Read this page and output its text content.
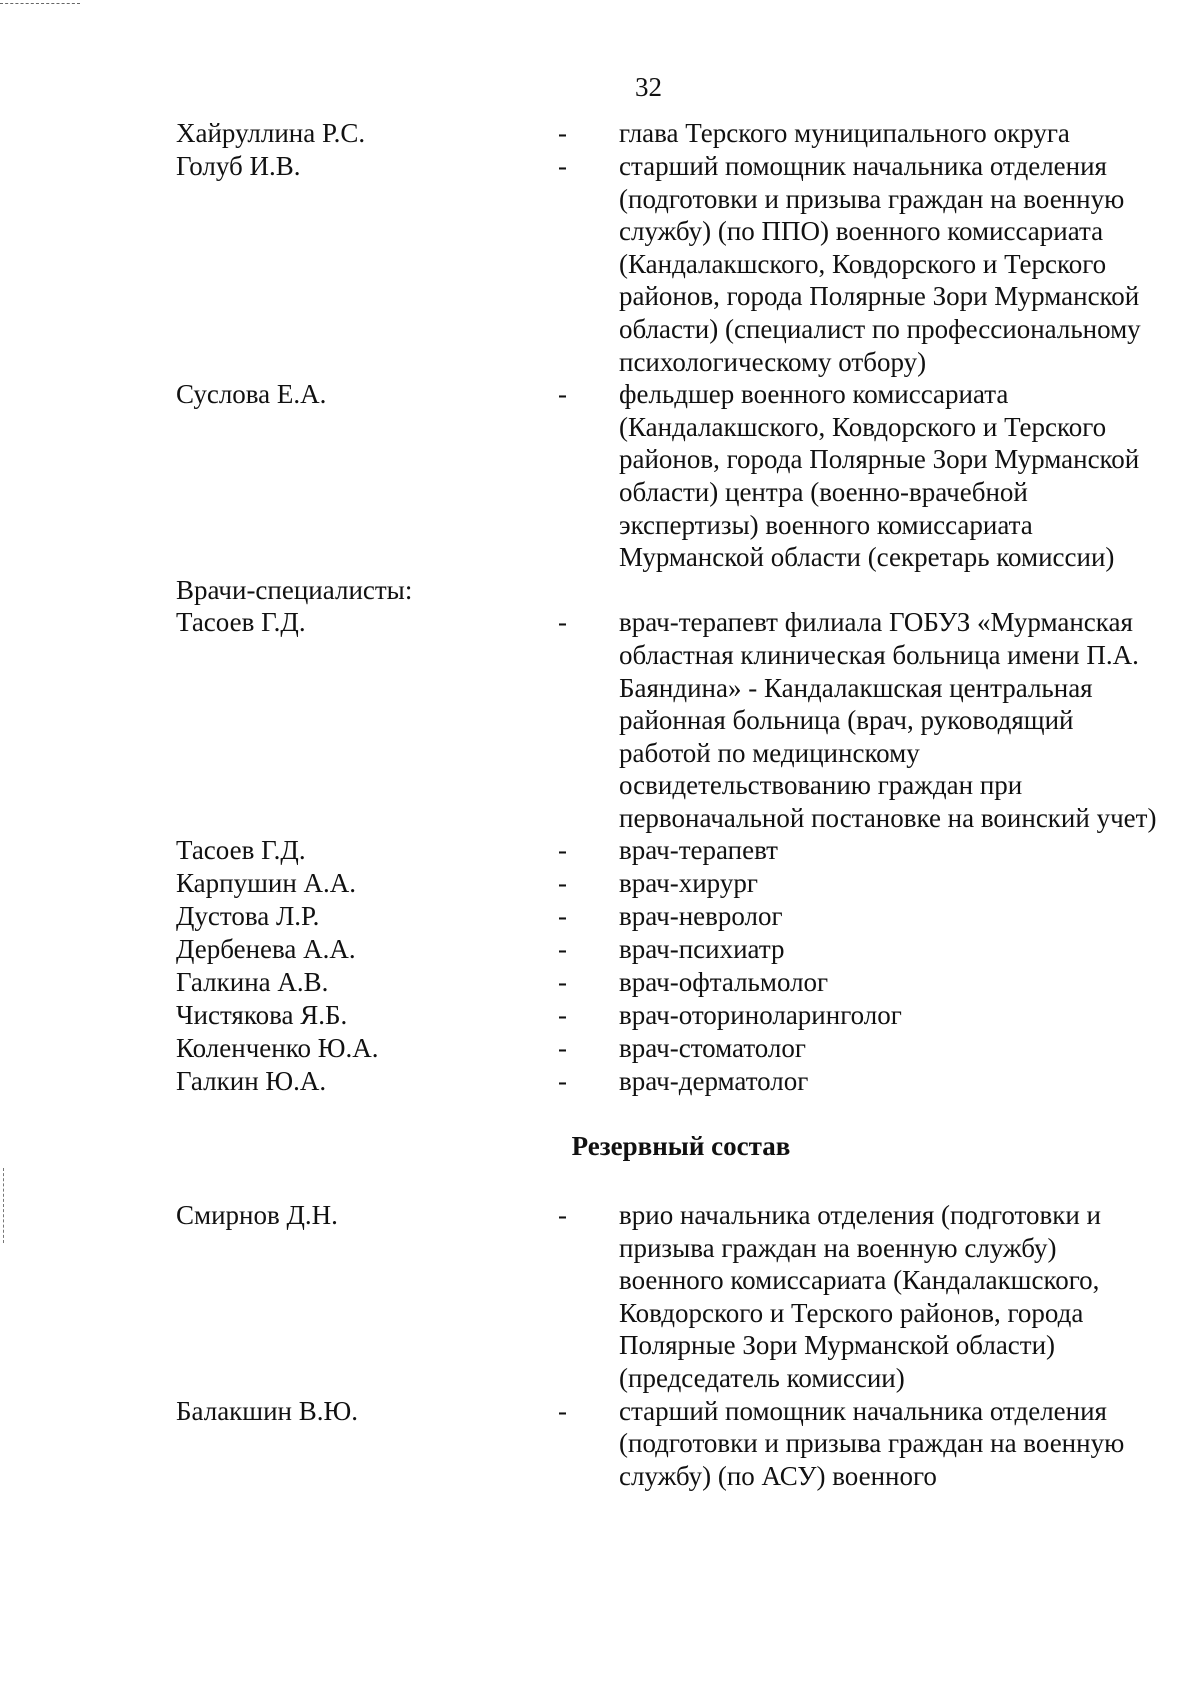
32
Хайруллина Р.С.	- глава Терского муниципального округа
Голуб И.В.	- старший помощник начальника отделения (подготовки и призыва граждан на военную службу) (по ППО) военного комиссариата (Кандалакшского, Ковдорского и Терского районов, города Полярные Зори Мурманской области) (специалист по профессиональному психологическому отбору)
Суслова Е.А.	- фельдшер военного комиссариата (Кандалакшского, Ковдорского и Терского районов, города Полярные Зори Мурманской области) центра (военно-врачебной экспертизы) военного комиссариата Мурманской области (секретарь комиссии)
Врачи-специалисты:
Тасоев Г.Д.	- врач-терапевт филиала ГОБУЗ «Мурманская областная клиническая больница имени П.А. Баяндина» - Кандалакшская центральная районная больница (врач, руководящий работой по медицинскому освидетельствованию граждан при первоначальной постановке на воинский учет)
Тасоев Г.Д.	- врач-терапевт
Карпушин А.А.	- врач-хирург
Дустова Л.Р.	- врач-невролог
Дербенева А.А.	- врач-психиатр
Галкина А.В.	- врач-офтальмолог
Чистякова Я.Б.	- врач-оториноларинголог
Коленченко Ю.А.	- врач-стоматолог
Галкин Ю.А.	- врач-дерматолог
Резервный состав
Смирнов Д.Н.	- врио начальника отделения (подготовки и призыва граждан на военную службу) военного комиссариата (Кандалакшского, Ковдорского и Терского районов, города Полярные Зори Мурманской области) (председатель комиссии)
Балакшин В.Ю.	- старший помощник начальника отделения (подготовки и призыва граждан на военную службу) (по АСУ) военного
